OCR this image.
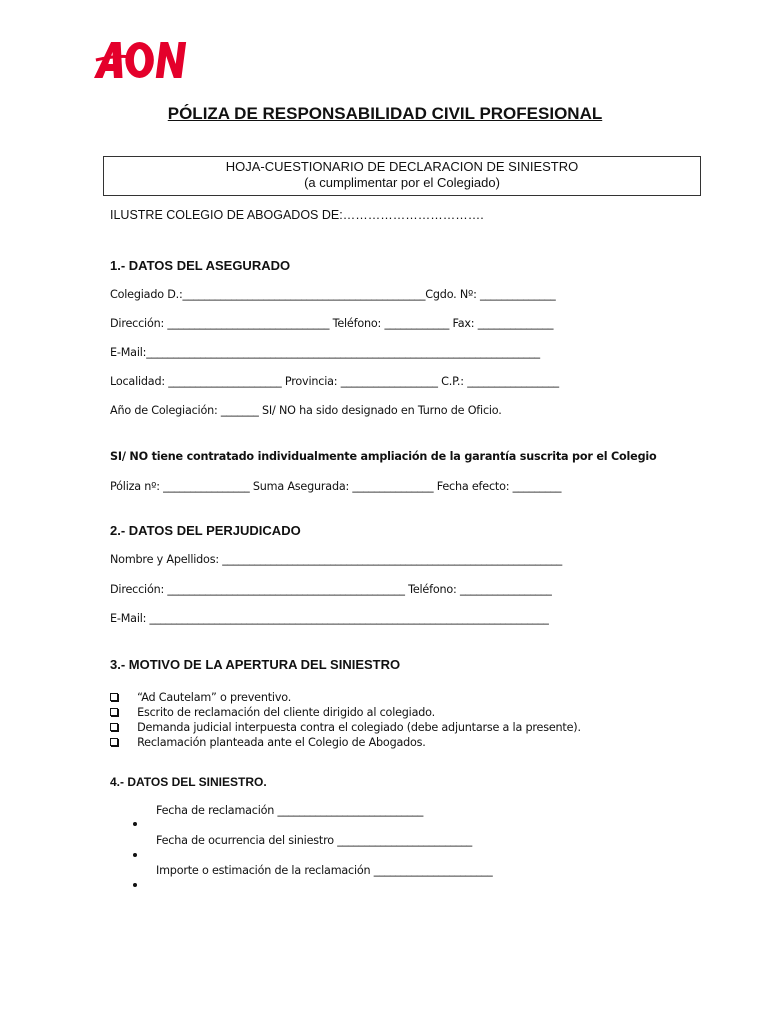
PÓLIZA DE RESPONSABILIDAD CIVIL PROFESIONAL
HOJA-CUESTIONARIO DE DECLARACION DE SINIESTRO
(a cumplimentar por el Colegiado)
ILUSTRE COLEGIO DE ABOGADOS DE:…………………………….
1.- DATOS DEL ASEGURADO
Colegiado D.:_____________________________________________Cgdo. Nº: ______________
Dirección: ______________________________ Teléfono: ____________ Fax: ______________
E-Mail:_________________________________________________________________________
Localidad: _____________________ Provincia: __________________ C.P.: _________________
Año de Colegiación: _______ SI/ NO ha sido designado en Turno de Oficio.
SI/ NO tiene contratado individualmente ampliación de la garantía suscrita por el Colegio
Póliza nº: ________________ Suma Asegurada: _______________ Fecha efecto: _________
2.- DATOS DEL PERJUDICADO
Nombre y Apellidos: _______________________________________________________________
Dirección: ____________________________________________ Teléfono: _________________
E-Mail: __________________________________________________________________________
3.- MOTIVO DE LA APERTURA DEL SINIESTRO
“Ad Cautelam” o preventivo.
Escrito de reclamación del cliente dirigido al colegiado.
Demanda judicial interpuesta contra el colegiado (debe adjuntarse a la presente).
Reclamación planteada ante el Colegio de Abogados.
4.- DATOS DEL SINIESTRO.
Fecha de reclamación ___________________________
Fecha de ocurrencia del siniestro _________________________
Importe o estimación de la reclamación ______________________
